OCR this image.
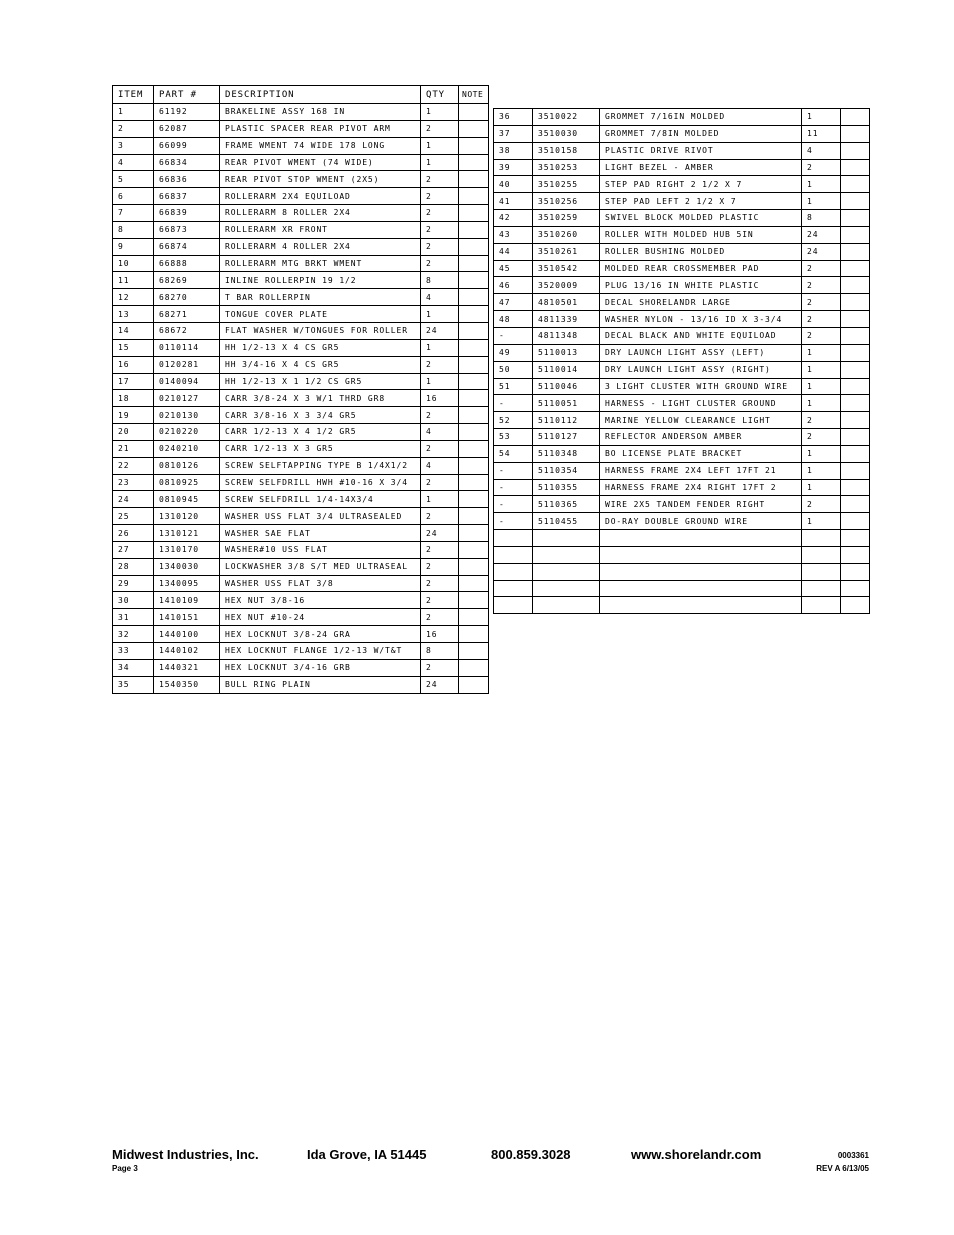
ITEM	PART #	DESCRIPTION	QTY	NOTE
1	61192	BRAKELINE ASSY 168 IN	1	
2	62087	PLASTIC SPACER REAR PIVOT ARM	2	
3	66099	FRAME WMENT 74 WIDE 178 LONG	1	
4	66834	REAR PIVOT WMENT (74 WIDE)	1	
5	66836	REAR PIVOT STOP WMENT (2X5)	2	
6	66837	ROLLERARM 2X4 EQUILOAD	2	
7	66839	ROLLERARM 8 ROLLER 2X4	2	
8	66873	ROLLERARM XR FRONT	2	
9	66874	ROLLERARM 4 ROLLER 2X4	2	
10	66888	ROLLERARM MTG BRKT WMENT	2	
11	68269	INLINE ROLLERPIN 19 1/2	8	
12	68270	T BAR ROLLERPIN	4	
13	68271	TONGUE COVER PLATE	1	
14	68672	FLAT WASHER W/TONGUES FOR ROLLER	24	
15	0110114	HH 1/2-13 X 4 CS GR5	1	
16	0120281	HH 3/4-16 X 4 CS GR5	2	
17	0140094	HH 1/2-13 X 1 1/2 CS GR5	1	
18	0210127	CARR 3/8-24 X 3 W/1 THRD GR8	16	
19	0210130	CARR 3/8-16 X 3 3/4 GR5	2	
20	0210220	CARR 1/2-13 X 4 1/2 GR5	4	
21	0240210	CARR 1/2-13 X 3 GR5	2	
22	0810126	SCREW SELFTAPPING TYPE B 1/4X1/2	4	
23	0810925	SCREW SELFDRILL HWH #10-16 X 3/4	2	
24	0810945	SCREW SELFDRILL 1/4-14X3/4	1	
25	1310120	WASHER USS FLAT 3/4 ULTRASEALED	2	
26	1310121	WASHER SAE FLAT	24	
27	1310170	WASHER#10 USS FLAT	2	
28	1340030	LOCKWASHER 3/8 S/T MED ULTRASEAL	2	
29	1340095	WASHER USS FLAT 3/8	2	
30	1410109	HEX NUT 3/8-16	2	
31	1410151	HEX NUT #10-24	2	
32	1440100	HEX LOCKNUT 3/8-24 GRA	16	
33	1440102	HEX LOCKNUT FLANGE 1/2-13 W/T&T	8	
34	1440321	HEX LOCKNUT 3/4-16 GRB	2	
35	1540350	BULL RING PLAIN	24	
36	3510022	GROMMET 7/16IN MOLDED	1	
37	3510030	GROMMET 7/8IN MOLDED	11	
38	3510158	PLASTIC DRIVE RIVOT	4	
39	3510253	LIGHT BEZEL - AMBER	2	
40	3510255	STEP PAD RIGHT 2 1/2 X 7	1	
41	3510256	STEP PAD LEFT 2 1/2 X 7	1	
42	3510259	SWIVEL BLOCK MOLDED PLASTIC	8	
43	3510260	ROLLER WITH MOLDED HUB 5IN	24	
44	3510261	ROLLER BUSHING MOLDED	24	
45	3510542	MOLDED REAR CROSSMEMBER PAD	2	
46	3520009	PLUG 13/16 IN WHITE PLASTIC	2	
47	4810501	DECAL SHORELANDR LARGE	2	
48	4811339	WASHER NYLON - 13/16 ID X 3-3/4	2	
-	4811348	DECAL BLACK AND WHITE EQUILOAD	2	
49	5110013	DRY LAUNCH LIGHT ASSY (LEFT)	1	
50	5110014	DRY LAUNCH LIGHT ASSY (RIGHT)	1	
51	5110046	3 LIGHT CLUSTER WITH GROUND WIRE	1	
-	5110051	HARNESS - LIGHT CLUSTER GROUND	1	
52	5110112	MARINE YELLOW CLEARANCE LIGHT	2	
53	5110127	REFLECTOR ANDERSON AMBER	2	
54	5110348	BO LICENSE PLATE BRACKET	1	
-	5110354	HARNESS FRAME 2X4 LEFT 17FT 21	1	
-	5110355	HARNESS FRAME 2X4 RIGHT 17FT 2	1	
-	5110365	WIRE 2X5 TANDEM FENDER RIGHT	2	
-	5110455	DO-RAY DOUBLE GROUND WIRE	1	

Midwest Industries, Inc.	Ida Grove, IA 51445	800.859.3028	www.shorelandr.com	0003361
Page 3	REV A 6/13/05
